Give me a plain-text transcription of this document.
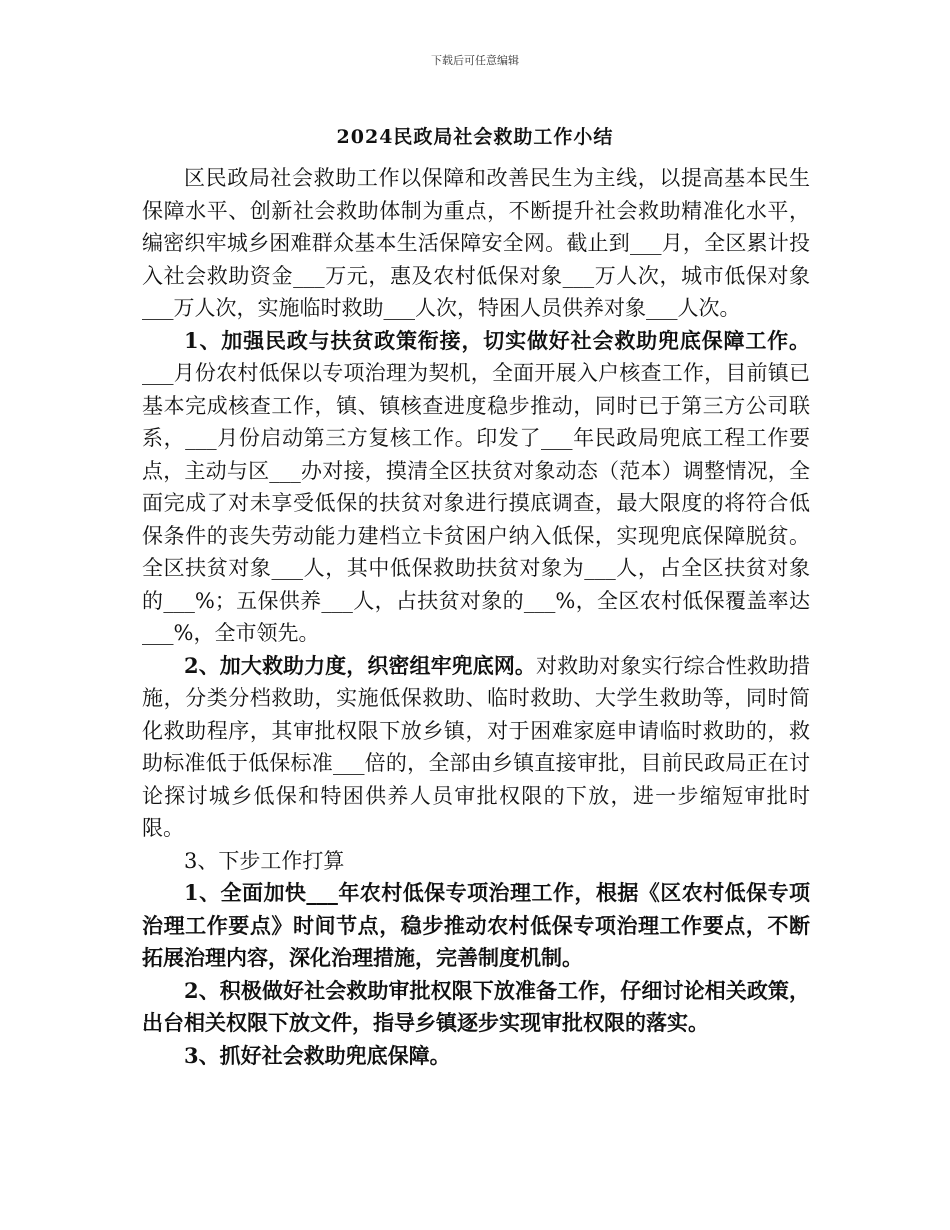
下载后可任意编辑
2024民政局社会救助工作小结

区民政局社会救助工作以保障和改善民生为主线，以提高基本民生保障水平、创新社会救助体制为重点，不断提升社会救助精准化水平，编密织牢城乡困难群众基本生活保障安全网。截止到___月，全区累计投入社会救助资金___万元，惠及农村低保对象___万人次，城市低保对象___万人次，实施临时救助___人次，特困人员供养对象___人次。

1、加强民政与扶贫政策衔接，切实做好社会救助兜底保障工作。___月份农村低保以专项治理为契机，全面开展入户核查工作，目前镇已基本完成核查工作，镇、镇核查进度稳步推动，同时已于第三方公司联系，___月份启动第三方复核工作。印发了___年民政局兜底工程工作要点，主动与区___办对接，摸清全区扶贫对象动态（范本）调整情况，全面完成了对未享受低保的扶贫对象进行摸底调查，最大限度的将符合低保条件的丧失劳动能力建档立卡贫困户纳入低保，实现兜底保障脱贫。全区扶贫对象___人，其中低保救助扶贫对象为___人，占全区扶贫对象的___%；五保供养___人，占扶贫对象的___%，全区农村低保覆盖率达___%，全市领先。

2、加大救助力度，织密组牢兜底网。对救助对象实行综合性救助措施，分类分档救助，实施低保救助、临时救助、大学生救助等，同时简化救助程序，其审批权限下放乡镇，对于困难家庭申请临时救助的，救助标准低于低保标准___倍的，全部由乡镇直接审批，目前民政局正在讨论探讨城乡低保和特困供养人员审批权限的下放，进一步缩短审批时限。

3、下步工作打算

1、全面加快___年农村低保专项治理工作，根据《区农村低保专项治理工作要点》时间节点，稳步推动农村低保专项治理工作要点，不断拓展治理内容，深化治理措施，完善制度机制。

2、积极做好社会救助审批权限下放准备工作，仔细讨论相关政策，出台相关权限下放文件，指导乡镇逐步实现审批权限的落实。

3、抓好社会救助兜底保障。
